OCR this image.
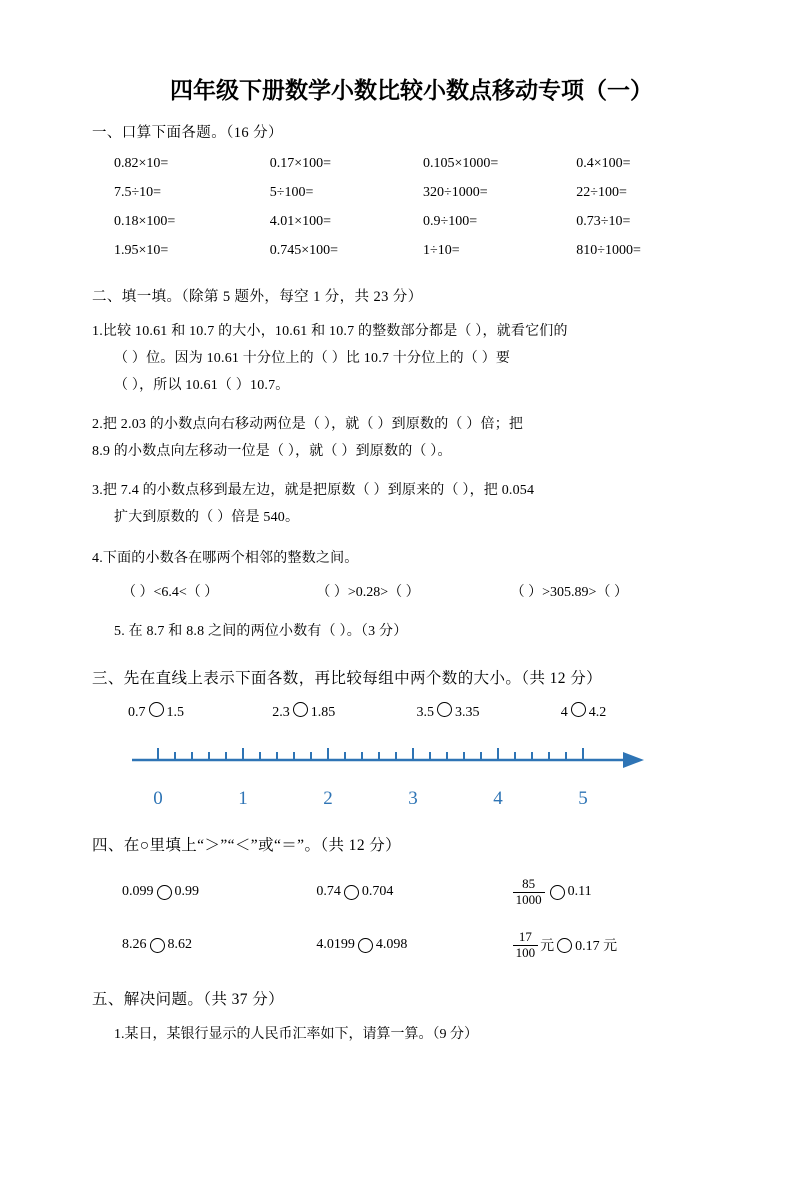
四年级下册数学小数比较小数点移动专项（一）
一、口算下面各题。（16 分）
0.82×10=	0.17×100=	0.105×1000=	0.4×100=
7.5÷10=	5÷100=	320÷1000=	22÷100=
0.18×100=	4.01×100=	0.9÷100=	0.73÷10=
1.95×10=	0.745×100=	1÷10=	810÷1000=
二、填一填。（除第 5 题外，每空 1 分，共 23 分）
1.比较 10.61 和 10.7 的大小，10.61 和 10.7 的整数部分都是（ ），就看它们的
（ ）位。因为 10.61 十分位上的（ ）比 10.7 十分位上的（ ）要
（ ），所以 10.61（ ）10.7。
2.把 2.03 的小数点向右移动两位是（ ），就（ ）到原数的（ ）倍；把
8.9 的小数点向左移动一位是（ ），就（ ）到原数的（ ）。
3.把 7.4 的小数点移到最左边，就是把原数（ ）到原来的（ ），把 0.054
扩大到原数的（ ）倍是 540。
4.下面的小数各在哪两个相邻的整数之间。
（ ）<6.4<（ ）	（ ）>0.28>（ ）	（ ）>305.89>（ ）
5. 在 8.7 和 8.8 之间的两位小数有（ ）。（3 分）
三、先在直线上表示下面各数，再比较每组中两个数的大小。（共 12 分）
0.7 1.5	2.3 1.85	3.5 3.35	4 4.2
0	1	2	3	4	5
四、在○里填上“＞”“＜”或“＝”。（共 12 分）
0.099 0.99	0.74 0.704	$\frac{85}{1000} 0.11$
8.26 8.62	4.0199 4.098	$\frac{17}{100}$ 元 0.17 元
五、解决问题。（共 37 分）
1.某日，某银行显示的人民币汇率如下，请算一算。（9 分）
